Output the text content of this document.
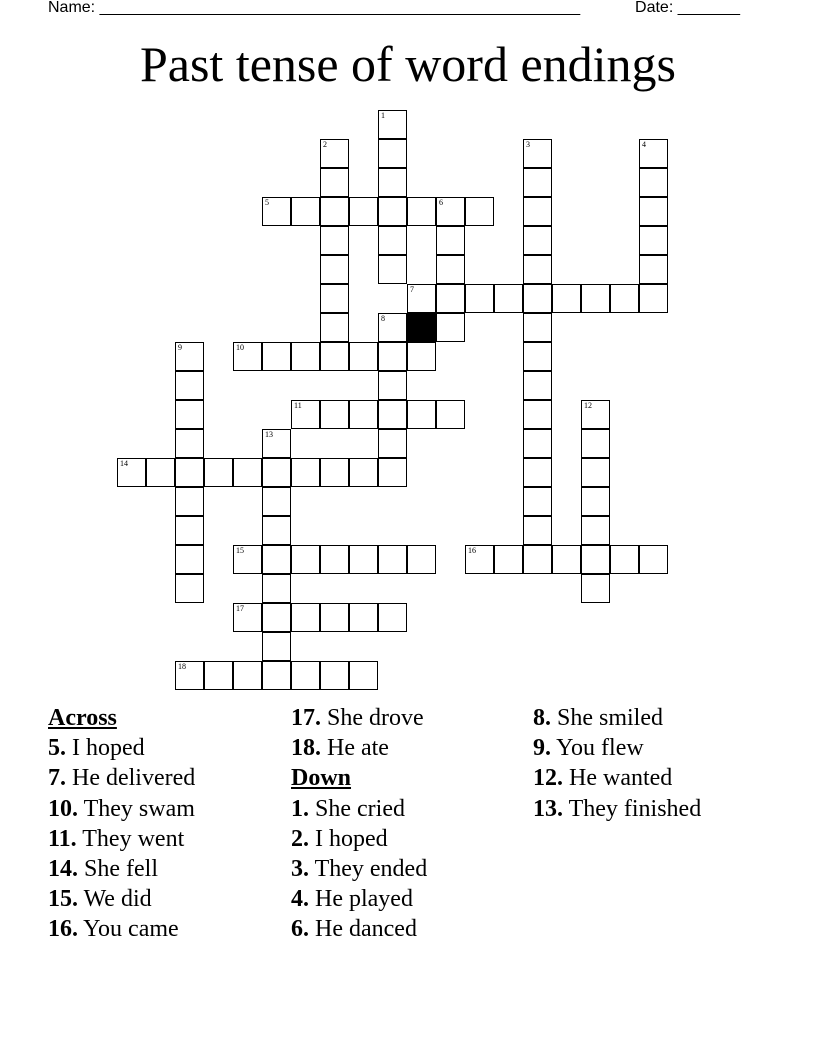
Name: ______________________________________________________	Date: _______
Past tense of word endings
5	6
7
10
11
14
15	16
17
18
1
2	3	4
8
9
12
13
Across
5. I hoped
7. He delivered
10. They swam
11. They went
14. She fell
15. We did
16. You came
17. She drove
18. He ate
Down
1. She cried
2. I hoped
3. They ended
4. He played
6. He danced
8. She smiled
9. You flew
12. He wanted
13. They finished
